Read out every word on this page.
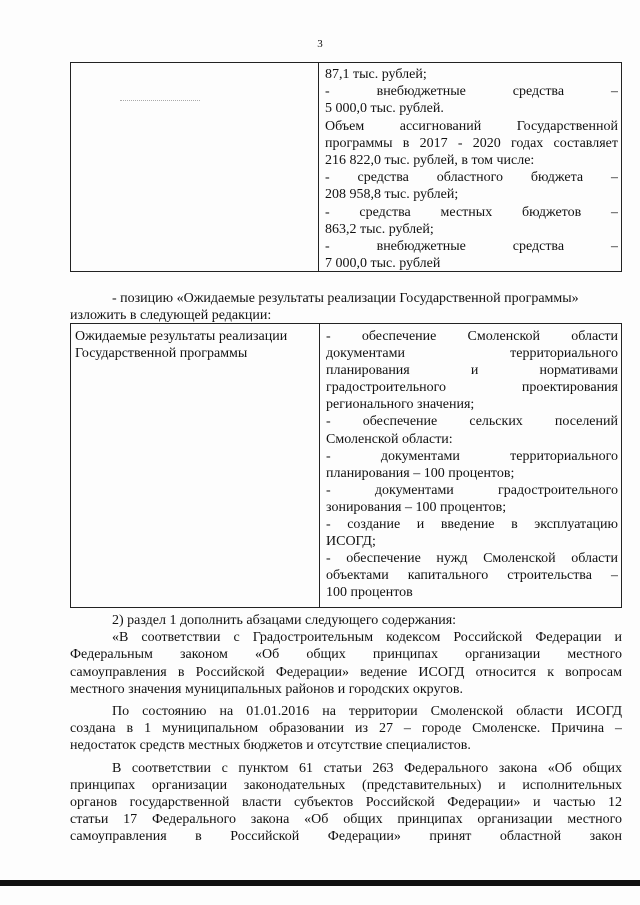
3
87,1 тыс. рублей;
- внебюджетные средства –
5 000,0 тыс. рублей.
Объем ассигнований Государственной
программы в 2017 - 2020 годах составляет
216 822,0 тыс. рублей, в том числе:
- средства областного бюджета –
208 958,8 тыс. рублей;
- средства местных бюджетов –
863,2 тыс. рублей;
- внебюджетные средства –
7 000,0 тыс. рублей
- позицию «Ожидаемые результаты реализации Государственной программы»
изложить в следующей редакции:
Ожидаемые результаты реализации
Государственной программы
- обеспечение Смоленской области
документами территориального
планирования и нормативами
градостроительного проектирования
регионального значения;
- обеспечение сельских поселений
Смоленской области:
- документами территориального
планирования – 100 процентов;
- документами градостроительного
зонирования – 100 процентов;
- создание и введение в эксплуатацию
ИСОГД;
- обеспечение нужд Смоленской области
объектами капитального строительства –
100 процентов
2) раздел 1 дополнить абзацами следующего содержания:
«В соответствии с Градостроительным кодексом Российской Федерации и
Федеральным законом «Об общих принципах организации местного
самоуправления в Российской Федерации» ведение ИСОГД относится к вопросам
местного значения муниципальных районов и городских округов.
По состоянию на 01.01.2016 на территории Смоленской области ИСОГД
создана в 1 муниципальном образовании из 27 – городе Смоленске. Причина –
недостаток средств местных бюджетов и отсутствие специалистов.
В соответствии с пунктом 61 статьи 263 Федерального закона «Об общих
принципах организации законодательных (представительных) и исполнительных
органов государственной власти субъектов Российской Федерации» и частью 12
статьи 17 Федерального закона «Об общих принципах организации местного
самоуправления в Российской Федерации» принят областной закон
